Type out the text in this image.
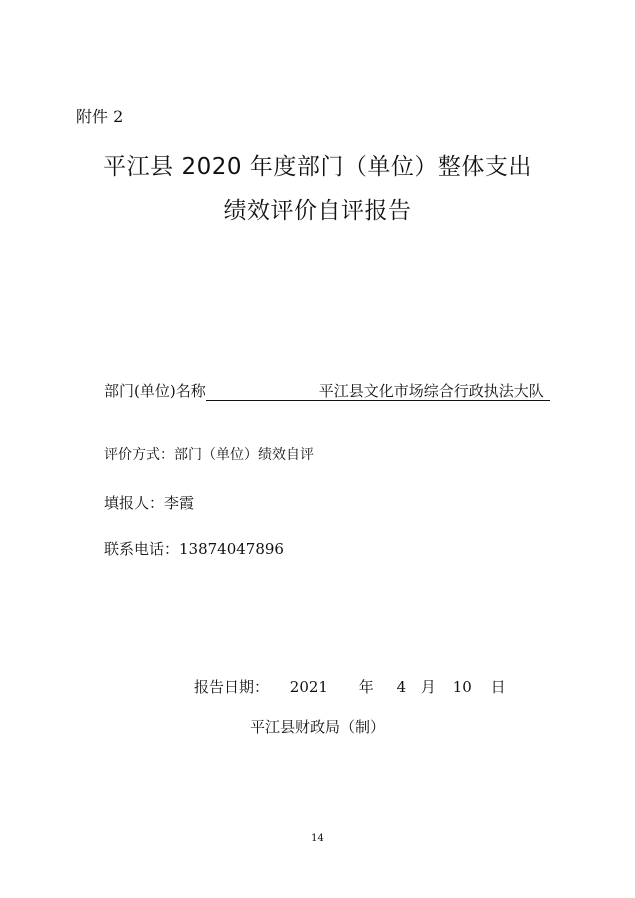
附件 2
平江县 2020 年度部门（单位）整体支出
绩效评价自评报告
部门(单位)名称	平江县文化市场综合行政执法大队
评价方式：部门（单位）绩效自评
填报人：李霞
联系电话：13874047896
报告日期： 2021 年 4 月 10 日
平江县财政局（制）
14
